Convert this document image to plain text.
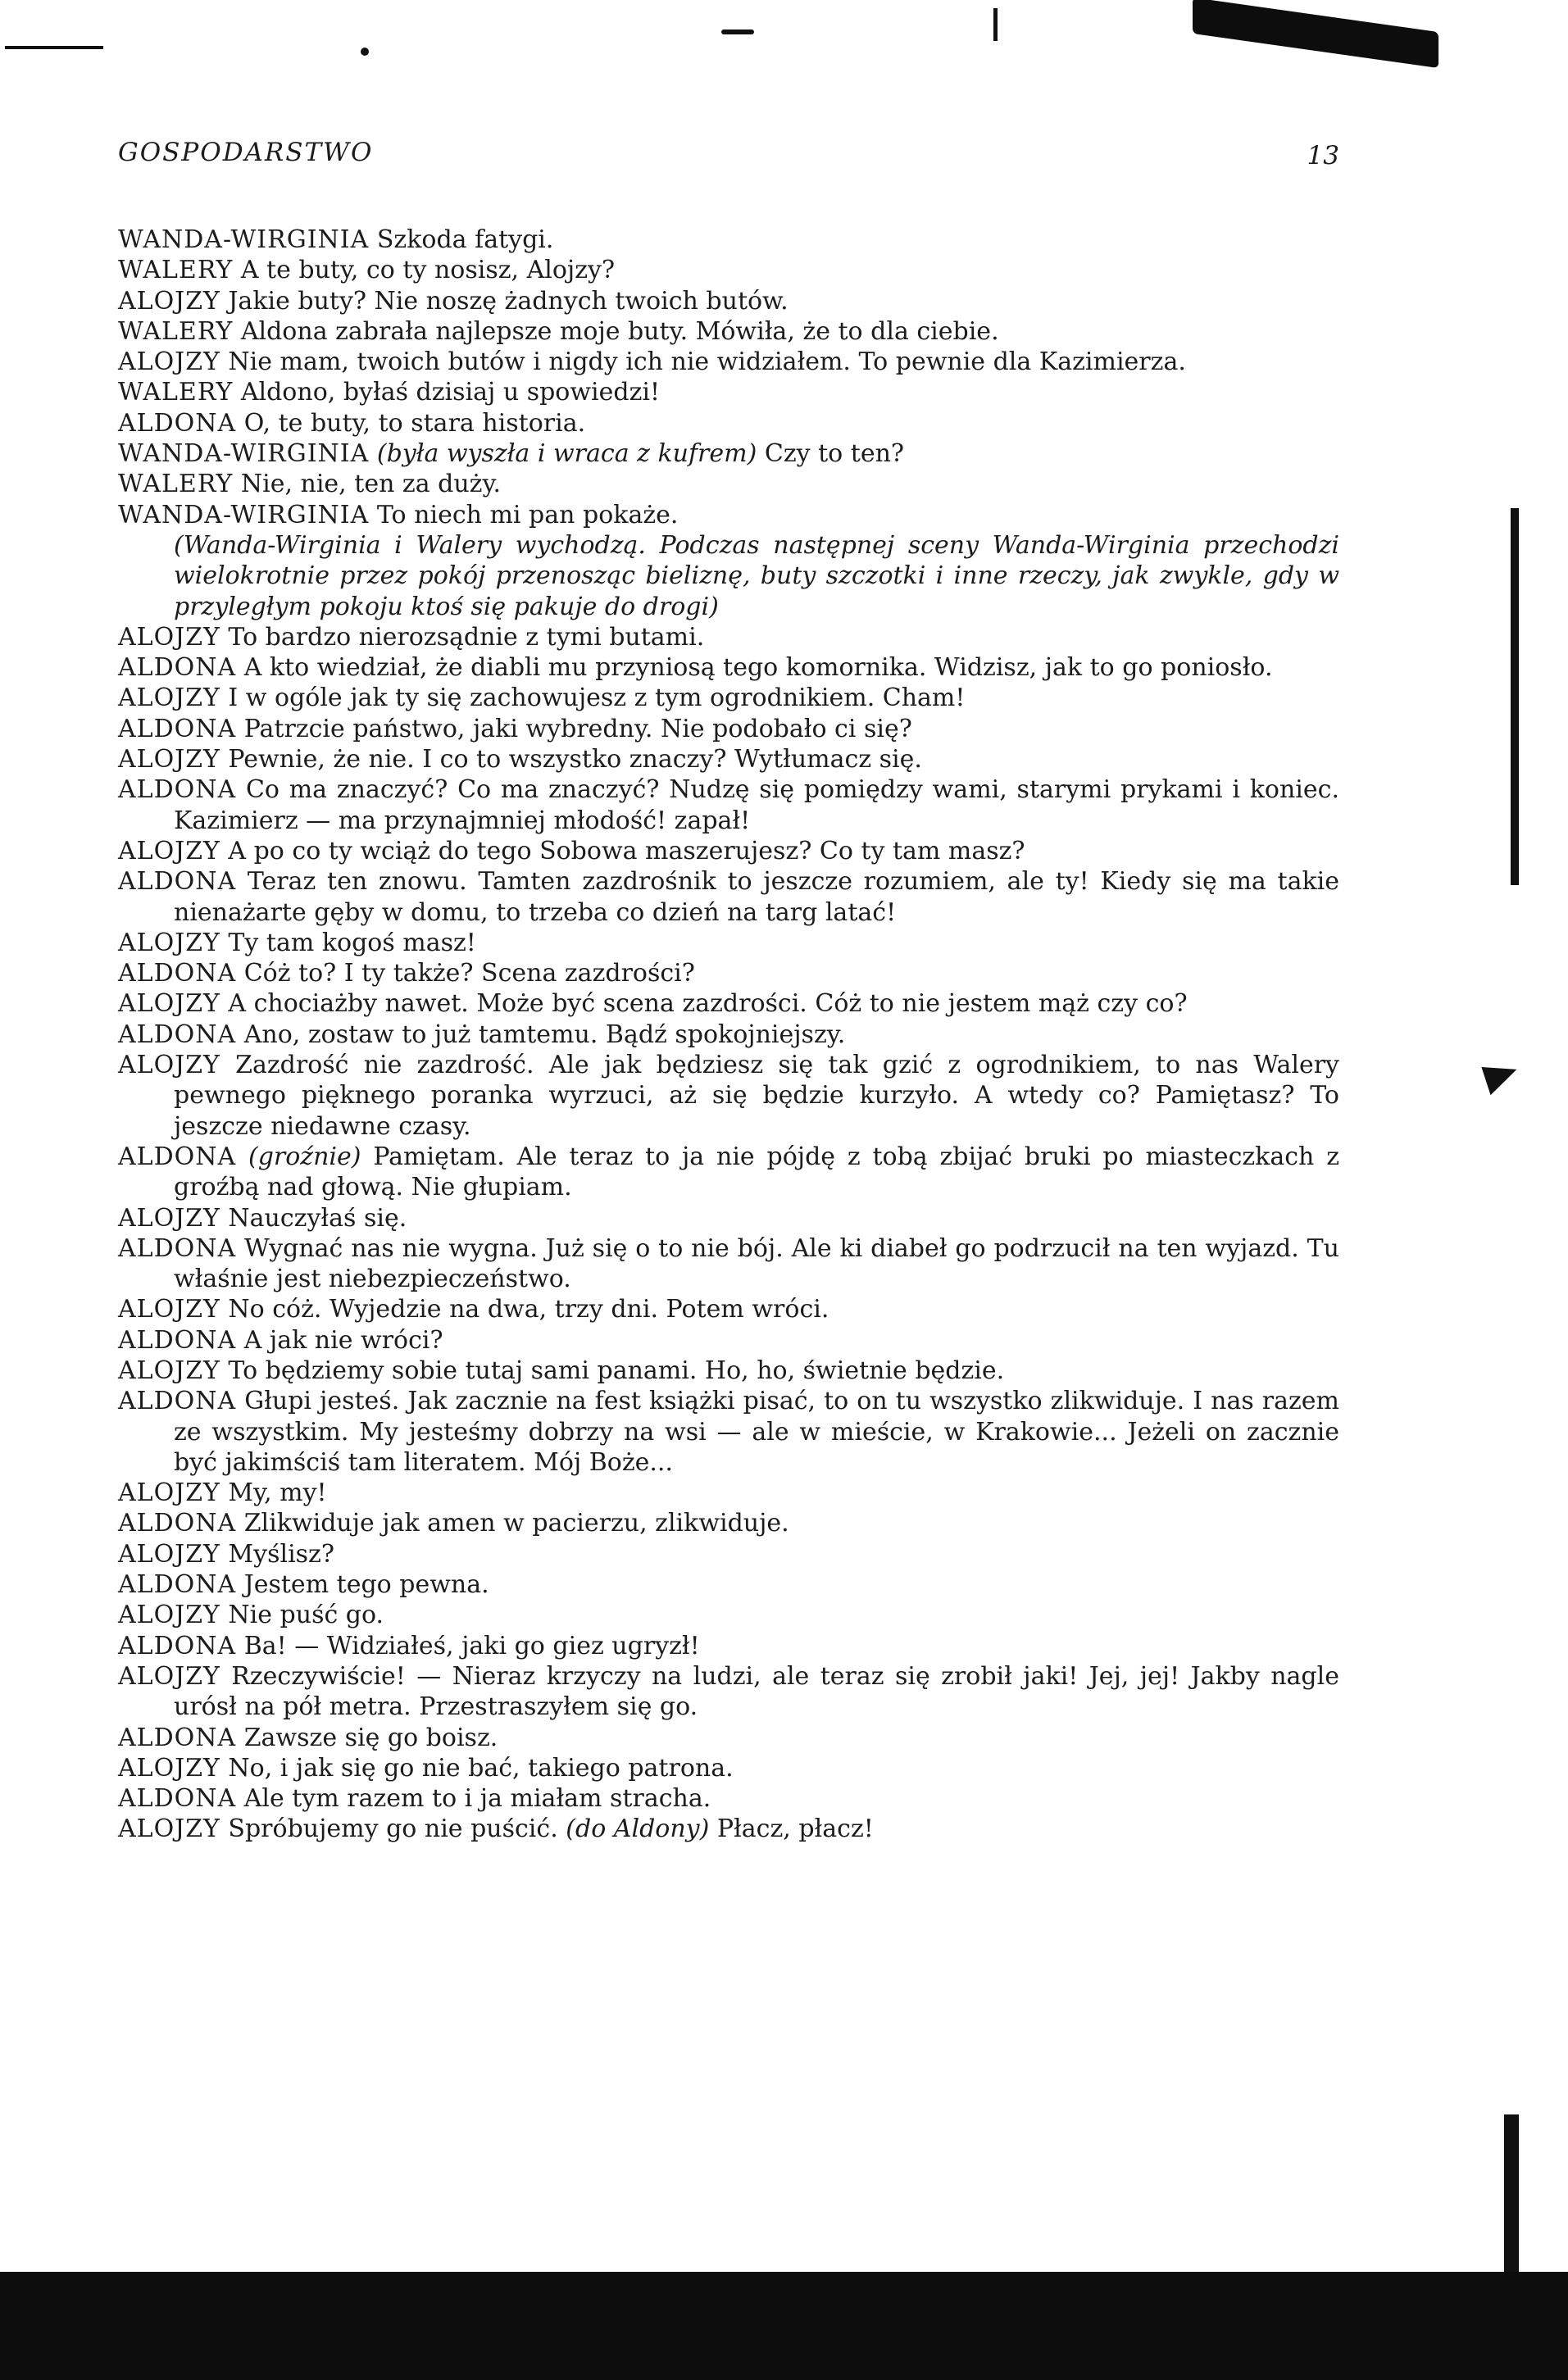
GOSPODARSTWO	13
WANDA-WIRGINIA Szkoda fatygi.
WALERY A te buty, co ty nosisz, Alojzy?
ALOJZY Jakie buty? Nie noszę żadnych twoich butów.
WALERY Aldona zabrała najlepsze moje buty. Mówiła, że to dla ciebie.
ALOJZY Nie mam, twoich butów i nigdy ich nie widziałem. To pewnie dla Kazimierza.
WALERY Aldono, byłaś dzisiaj u spowiedzi!
ALDONA O, te buty, to stara historia.
WANDA-WIRGINIA (była wyszła i wraca z kufrem) Czy to ten?
WALERY Nie, nie, ten za duży.
WANDA-WIRGINIA To niech mi pan pokaże.
(Wanda-Wirginia i Walery wychodzą. Podczas następnej sceny Wanda-Wirginia przechodzi wielokrotnie przez pokój przenosząc bieliznę, buty szczotki i inne rzeczy, jak zwykle, gdy w przyległym pokoju ktoś się pakuje do drogi)
ALOJZY To bardzo nierozsądnie z tymi butami.
ALDONA A kto wiedział, że diabli mu przyniosą tego komornika. Widzisz, jak to go poniosło.
ALOJZY I w ogóle jak ty się zachowujesz z tym ogrodnikiem. Cham!
ALDONA Patrzcie państwo, jaki wybredny. Nie podobało ci się?
ALOJZY Pewnie, że nie. I co to wszystko znaczy? Wytłumacz się.
ALDONA Co ma znaczyć? Co ma znaczyć? Nudzę się pomiędzy wami, starymi prykami i koniec. Kazimierz — ma przynajmniej młodość! zapał!
ALOJZY A po co ty wciąż do tego Sobowa maszerujesz? Co ty tam masz?
ALDONA Teraz ten znowu. Tamten zazdrośnik to jeszcze rozumiem, ale ty! Kiedy się ma takie nienażarte gęby w domu, to trzeba co dzień na targ latać!
ALOJZY Ty tam kogoś masz!
ALDONA Cóż to? I ty także? Scena zazdrości?
ALOJZY A chociażby nawet. Może być scena zazdrości. Cóż to nie jestem mąż czy co?
ALDONA Ano, zostaw to już tamtemu. Bądź spokojniejszy.
ALOJZY Zazdrość nie zazdrość. Ale jak będziesz się tak gzić z ogrodnikiem, to nas Walery pewnego pięknego poranka wyrzuci, aż się będzie kurzyło. A wtedy co? Pamiętasz? To jeszcze niedawne czasy.
ALDONA (groźnie) Pamiętam. Ale teraz to ja nie pójdę z tobą zbijać bruki po miasteczkach z groźbą nad głową. Nie głupiam.
ALOJZY Nauczyłaś się.
ALDONA Wygnać nas nie wygna. Już się o to nie bój. Ale ki diabeł go podrzucił na ten wyjazd. Tu właśnie jest niebezpieczeństwo.
ALOJZY No cóż. Wyjedzie na dwa, trzy dni. Potem wróci.
ALDONA A jak nie wróci?
ALOJZY To będziemy sobie tutaj sami panami. Ho, ho, świetnie będzie.
ALDONA Głupi jesteś. Jak zacznie na fest książki pisać, to on tu wszystko zlikwiduje. I nas razem ze wszystkim. My jesteśmy dobrzy na wsi — ale w mieście, w Krakowie... Jeżeli on zacznie być jakimściś tam literatem. Mój Boże...
ALOJZY My, my!
ALDONA Zlikwiduje jak amen w pacierzu, zlikwiduje.
ALOJZY Myślisz?
ALDONA Jestem tego pewna.
ALOJZY Nie puść go.
ALDONA Ba! — Widziałeś, jaki go giez ugryzł!
ALOJZY Rzeczywiście! — Nieraz krzyczy na ludzi, ale teraz się zrobił jaki! Jej, jej! Jakby nagle urósł na pół metra. Przestraszyłem się go.
ALDONA Zawsze się go boisz.
ALOJZY No, i jak się go nie bać, takiego patrona.
ALDONA Ale tym razem to i ja miałam stracha.
ALOJZY Spróbujemy go nie puścić. (do Aldony) Płacz, płacz!
